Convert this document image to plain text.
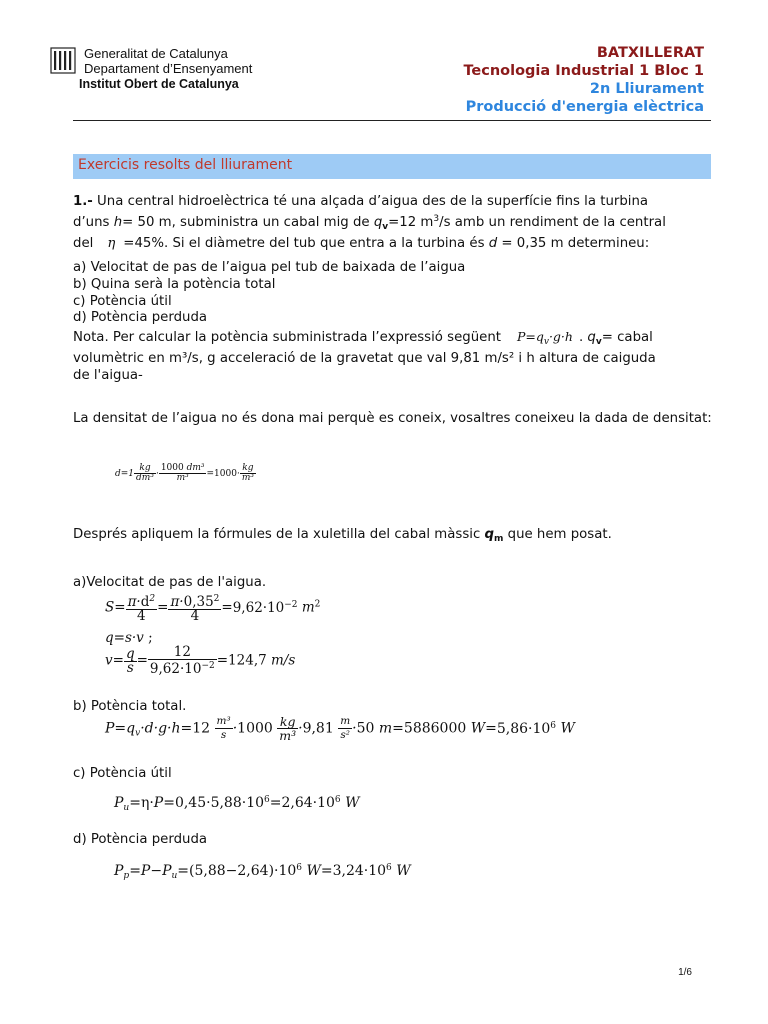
Generalitat de Catalunya
Departament d’Ensenyament
Institut Obert de Catalunya
BATXILLERAT
Tecnologia Industrial 1 Bloc 1
2n Lliurament
Producció d'energia elèctrica
Exercicis resolts del lliurament
1.- Una central hidroelèctrica té una alçada d’aigua des de la superfície fins la turbina
d’uns h= 50 m, subministra un cabal mig de $q_v=12$ $m^3/s$ amb un rendiment de la central
del η =45%. Si el diàmetre del tub que entra a la turbina és d = 0,35 m determineu:
a) Velocitat de pas de l’aigua pel tub de baixada de l’aigua
b) Quina serà la potència total
c) Potència útil
d) Potència perduda
Nota. Per calcular la potència subministrada l’expressió següent $P=q_v\cdot g\cdot h$ . $q_v=$ cabal
volumètric en m³/s, g acceleració de la gravetat que val 9,81 m/s² i h altura de caiguda
de l'aigua-
La densitat de l’aigua no és dona mai perquè es coneix, vosaltres coneixeu la dada de densitat:
$d=1 \frac{kg}{\text{dm³}} \cdot \frac{\text{1000 dm³}}{\text{m³}} =1000\cdot \frac{kg}{\text{m³}}$
Després apliquem la fórmules de la xuletilla del cabal màssic $q_m$ que hem posat.
a)Velocitat de pas de l'aigua.
$S= \frac{\pi\cdot d^2}{4} = \frac{\pi\cdot 0,35^2}{4} =9,62\cdot 10^{-2}$ $m^2$
q=s·v ;
$v= \frac{q}{s} = \frac{12}{9,62\cdot 10^{-2}} =124,7$ m/s
b) Potència total.
$P=q_v\cdot d\cdot g\cdot h=12 \frac{\text{m³}}{s} \cdot 1000 \frac{kg}{\text{m³}} \cdot 9,81 \frac{m}{\text{s²}} \cdot 50$ m=5886000 $W=5,86\cdot 10^6$ W
c) Potència útil
$P_u=\eta\cdot P=0,45\cdot 5,88\cdot 10^6=2,64\cdot 10^6$ W
d) Potència perduda
$P_p=P-P_u=(5,88-2,64)\cdot 10^6$ $W=3,24\cdot 10^6$ W
1/6
